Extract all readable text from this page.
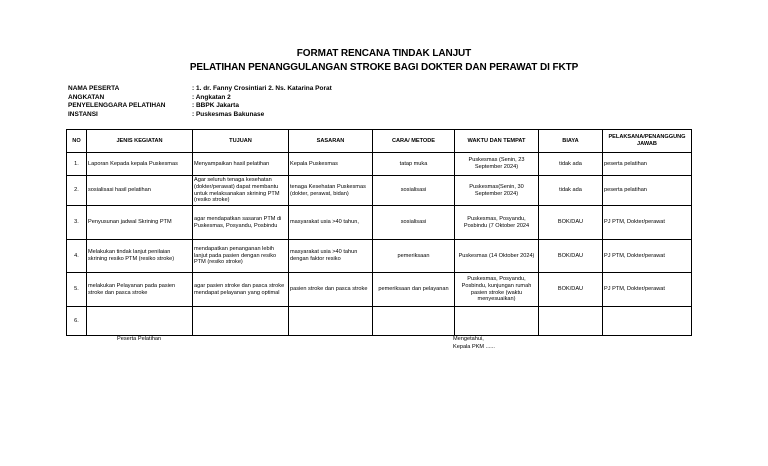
FORMAT RENCANA TINDAK LANJUT
PELATIHAN PENANGGULANGAN STROKE BAGI DOKTER DAN PERAWAT DI FKTP
NAMA PESERTA	: 1. dr. Fanny Crosintiari 2. Ns. Katarina Porat
ANGKATAN	: Angkatan 2
PENYELENGGARA PELATIHAN	: BBPK Jakarta
INSTANSI	: Puskesmas Bakunase
NO	JENIS KEGIATAN	TUJUAN	SASARAN	CARA/ METODE	WAKTU DAN TEMPAT	BIAYA	PELAKSANA/PENANGGUNG JAWAB
1.	Laporan Kepada kepala Puskesmas	Menyampaikan hasil pelatihan	Kepala Puskesmas	tatap muka	Puskesmas (Senin, 23 September 2024)	tidak ada	peserta pelatihan
2.	sosialisasi hasil pelatihan	Agar seluruh tenaga kesehatan (dokter/perawat) dapat membantu untuk melaksanakan skrining PTM (resiko stroke)	tenaga Kesehatan Puskesmas (dokter, perawat, bidan)	sosialisasi	Puskesmas(Senin, 30 September 2024)	tidak ada	peserta pelatihan
3.	Penyusunan jadwal Skrining PTM	agar mendapatkan sasaran PTM di Puskesmas, Posyandu, Posbindu	masyarakat usia >40 tahun,	sosialisasi	Puskesmas, Posyandu, Posbindu (7 Oktober 2024	BOK/DAU	PJ PTM, Dokter/perawat
4.	Melakukan tindak lanjut penilaian skrining resiko PTM (resiko stroke)	mendapatkan penanganan lebih lanjut pada pasien dengan resiko PTM (resiko stroke)	masyarakat usia >40 tahun dengan faktor resiko	pemeriksaan	Puskesmas (14 Oktober 2024)	BOK/DAU	PJ PTM, Dokter/perawat
5.	melakukan Pelayanan pada pasien stroke dan pasca stroke	agar pasien stroke dan pasca stroke mendapat pelayanan yang optimal	pasien stroke dan pasca stroke	pemeriksaan dan pelayanan	Puskesmas, Posyandu, Posbindu, kunjungan rumah pasien stroke (waktu menyesuaikan)	BOK/DAU	PJ PTM, Dokter/perawat
6.							
Peserta Pelatihan	Mengetahui,
Kepala PKM ......
